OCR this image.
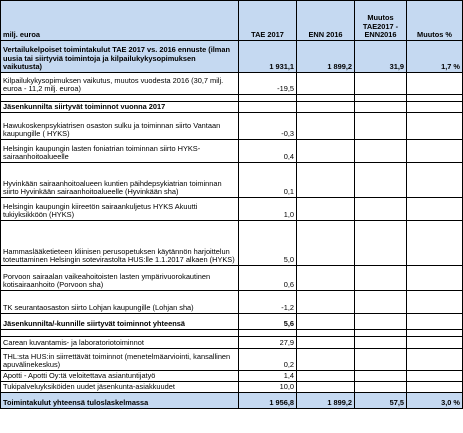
milj. euroa	TAE 2017	ENN 2016	Muutos TAE2017 - ENN2016	Muutos %
Vertailukelpoiset toimintakulut TAE 2017 vs. 2016 ennuste (ilman uusia tai siirtyviä toimintoja ja kilpailukykysopimuksen vaikutusta)	1 931,1	1 899,2	31,9	1,7 %
Kilpailukykysopimuksen vaikutus, muutos vuodesta 2016 (30,7 milj. euroa - 11,2 milj. euroa)	-19,5			

Jäsenkunnilta siirtyvät toiminnot vuonna 2017				
Hawukoskenpsykiatrisen osaston sulku ja toiminnan siirto Vantaan kaupungille ( HYKS)	-0,3			
Helsingin kaupungin lasten foniatrian toiminnan siirto HYKS-sairaanhoitoalueelle	0,4			
Hyvinkään sairaanhoitoalueen kuntien päihdepsykiatrian toiminnan siirto Hyvinkään sairaanhoitoalueelle (Hyvinkään sha)	0,1			
Helsingin kaupungin kiireetön sairaankuljetus HYKS Akuutti tukiyksikköön (HYKS)	1,0			
Hammaslääketieteen kliinisen perusopetuksen käytännön harjoittelun toteuttaminen Helsingin sotevirastolta HUS:lle 1.1.2017 alkaen (HYKS)	5,0			
Porvoon sairaalan vaikeahoitoisten lasten ympärivuorokautinen kotisairaanhoito (Porvoon sha)	0,6			
TK seurantaosaston siirto Lohjan kaupungille (Lohjan sha)	-1,2			
Jäsenkunnilta/-kunnille siirtyvät toiminnot yhteensä	5,6			

Carean kuvantamis- ja laboratoriotoiminnot	27,9			
THL:sta HUS:in siirrettävät toiminnot (menetelmäarviointi, kansallinen apuvälinekeskus)	0,2			
Apotti - Apotti Oy:tä veloitettava asiantuntijatyö	1,4			
Tukipalveluyksiköiden uudet jäsenkunta-asiakkuudet	10,0			
Toimintakulut yhteensä tuloslaskelmassa	1 956,8	1 899,2	57,5	3,0 %
